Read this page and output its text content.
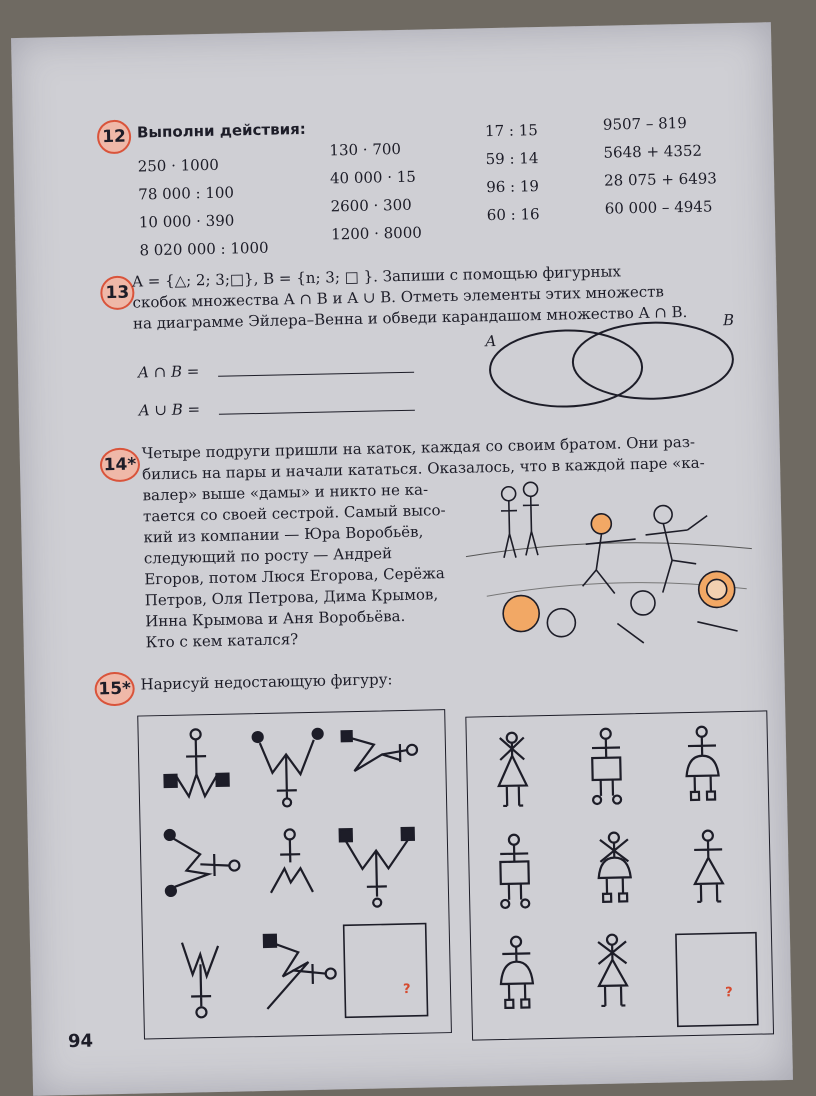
12 Выполни действия:
250 · 1000
78 000 : 100
10 000 · 390
8 020 000 : 1000
130 · 700
40 000 · 15
2600 · 300
1200 · 8000
17 : 15
59 : 14
96 : 19
60 : 16
9507 – 819
5648 + 4352
28 075 + 6493
60 000 – 4945
13
A = {△; 2; 3;□}, B = {n; 3; □ }. Запиши с помощью фигурных
скобок множества A ∩ B и A ∪ B. Отметь элементы этих множеств
на диаграмме Эйлера–Венна и обведи карандашом множество A ∩ B.
A ∩ B =
A ∪ B =
A
B
14*
Четыре подруги пришли на каток, каждая со своим братом. Они раз-
бились на пары и начали кататься. Оказалось, что в каждой паре «ка-
валер» выше «дамы» и никто не ка-
тается со своей сестрой. Самый высо-
кий из компании — Юра Воробьёв,
следующий по росту — Андрей
Егоров, потом Люся Егорова, Серёжа
Петров, Оля Петрова, Дима Крымов,
Инна Крымова и Аня Воробьёва.
Кто с кем катался?
15* Нарисуй недостающую фигуру:
?	?
94
